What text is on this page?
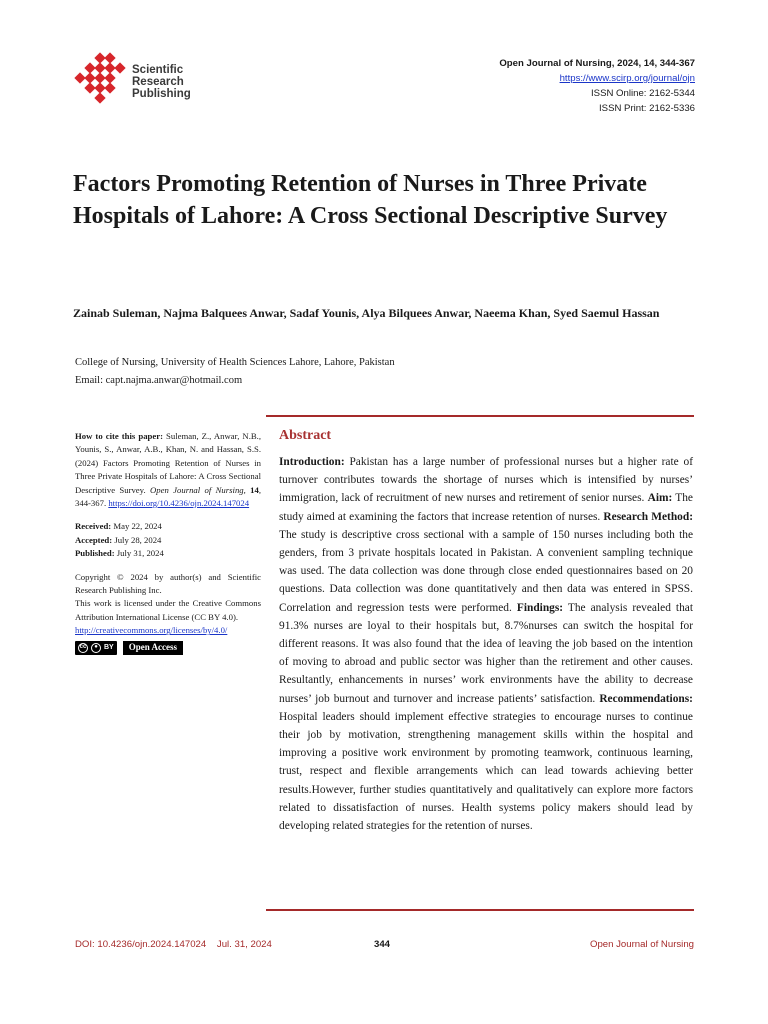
Scientific
Research
Publishing
Open Journal of Nursing, 2024, 14, 344-367
https://www.scirp.org/journal/ojn
ISSN Online: 2162-5344
ISSN Print: 2162-5336
Factors Promoting Retention of Nurses in Three Private Hospitals of Lahore: A Cross Sectional Descriptive Survey
Zainab Suleman, Najma Balquees Anwar, Sadaf Younis, Alya Bilquees Anwar, Naeema Khan, Syed Saemul Hassan
College of Nursing, University of Health Sciences Lahore, Lahore, Pakistan
Email: capt.najma.anwar@hotmail.com

How to cite this paper: Suleman, Z., Anwar, N.B., Younis, S., Anwar, A.B., Khan, N. and Hassan, S.S. (2024) Factors Promoting Retention of Nurses in Three Private Hospitals of Lahore: A Cross Sectional Descriptive Survey. Open Journal of Nursing, 14, 344-367. https://doi.org/10.4236/ojn.2024.147024

Received: May 22, 2024

Accepted: July 28, 2024

Published: July 31, 2024

Copyright © 2024 by author(s) and Scientific Research Publishing Inc.

This work is licensed under the Creative Commons Attribution International License (CC BY 4.0).

http://creativecommons.org/licenses/by/4.0/

cc	● BY	Open Access
Abstract

Introduction: Pakistan has a large number of professional nurses but a higher rate of turnover contributes towards the shortage of nurses which is intensified by nurses’ immigration, lack of recruitment of new nurses and retirement of senior nurses. Aim: The study aimed at examining the factors that increase retention of nurses. Research Method: The study is descriptive cross sectional with a sample of 150 nurses including both the genders, from 3 private hospitals located in Pakistan. A convenient sampling technique was used. The data collection was done through close ended questionnaires based on 20 questions. Data collection was done quantitatively and then data was entered in SPSS. Correlation and regression tests were performed. Findings: The analysis revealed that 91.3% nurses are loyal to their hospitals but, 8.7%nurses can switch the hospital for different reasons. It was also found that the idea of leaving the job based on the intention of moving to abroad and public sector was higher than the retirement and other causes. Resultantly, enhancements in nurses’ work environments have the ability to decrease nurses’ job burnout and turnover and increase patients’ satisfaction. Recommendations: Hospital leaders should implement effective strategies to encourage nurses to continue their job by motivation, strengthening management skills within the hospital and improving a positive work environment by promoting teamwork, continuous learning, trust, respect and flexible arrangements which can lead towards achieving better results.However, further studies quantitatively and qualitatively can explore more factors related to dissatisfaction of nurses. Health systems policy makers should lead by developing related strategies for the retention of nurses.

DOI: 10.4236/ojn.2024.147024 Jul. 31, 2024	344	Open Journal of Nursing
